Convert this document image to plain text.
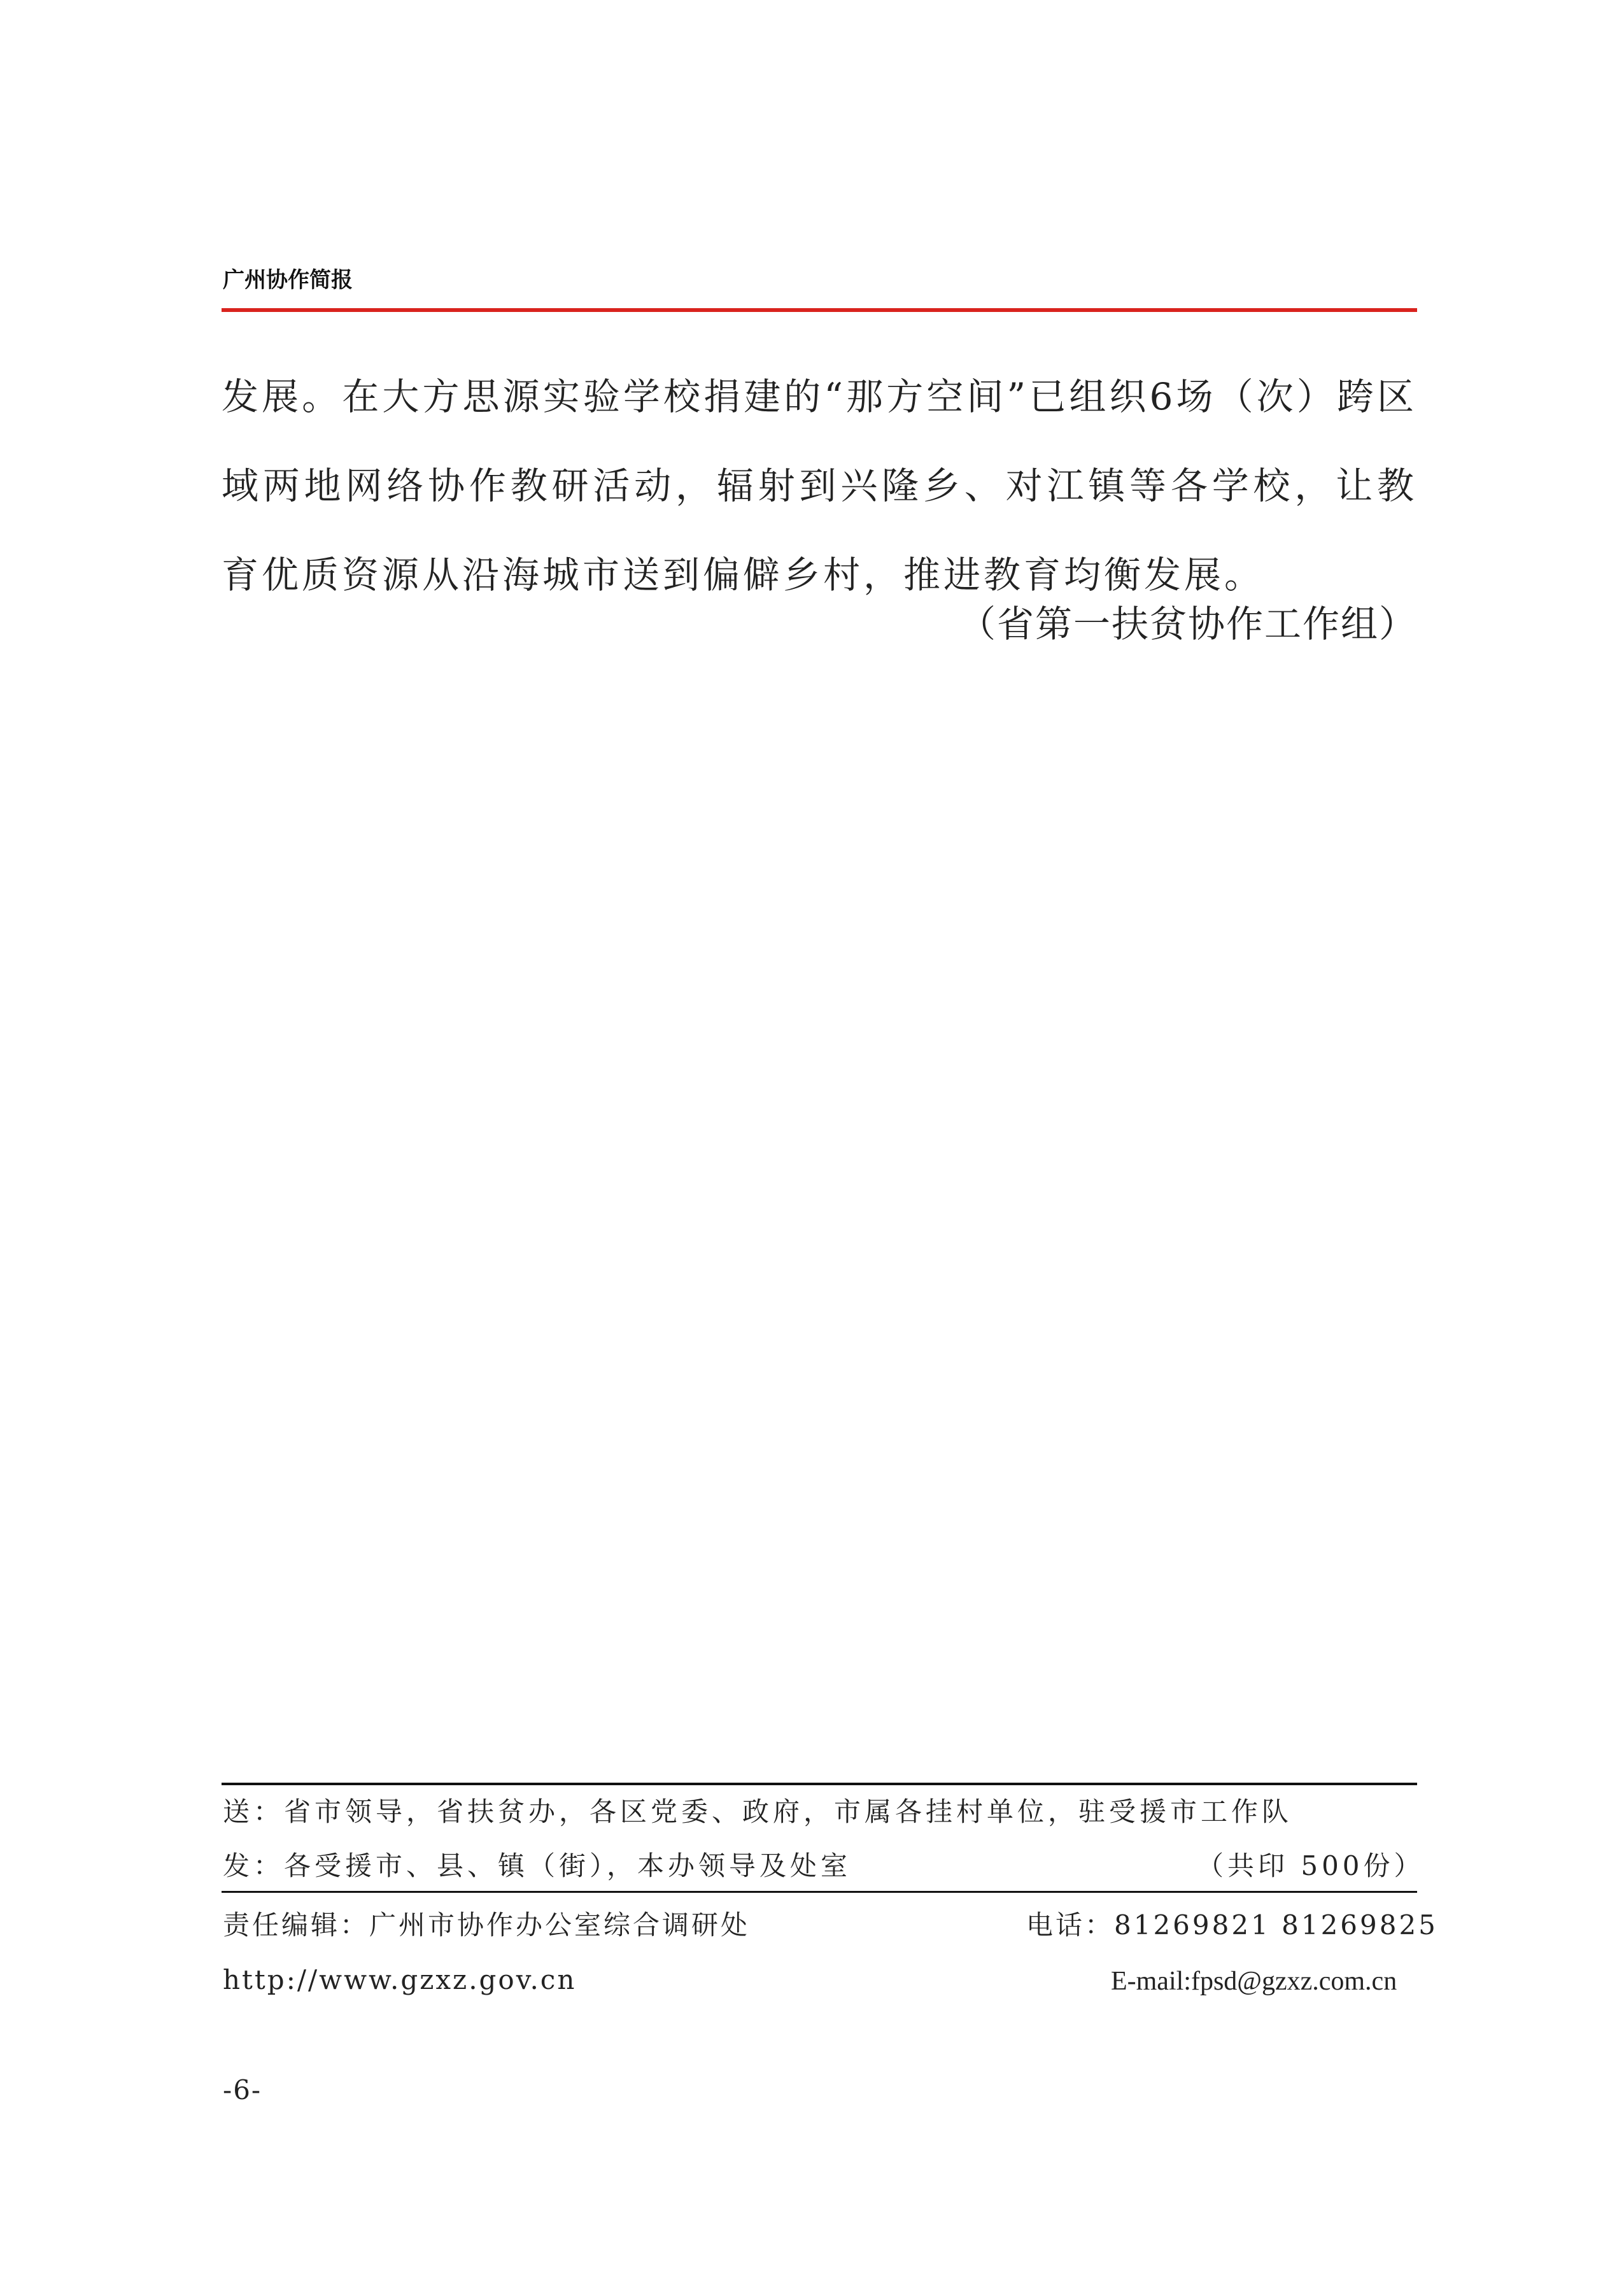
广州协作简报

发展。在大方思源实验学校捐建的“那方空间”已组织6场（次）跨区域两地网络协作教研活动，辐射到兴隆乡、对江镇等各学校，让教育优质资源从沿海城市送到偏僻乡村，推进教育均衡发展。

（省第一扶贫协作工作组）
送：省市领导，省扶贫办，各区党委、政府，市属各挂村单位，驻受援市工作队
发：各受援市、县、镇（街），本办领导及处室	（共印 500份）
责任编辑：广州市协作办公室综合调研处	电话：81269821 81269825
http://www.gzxz.gov.cn	E-mail:fpsd@gzxz.com.cn
-6-
